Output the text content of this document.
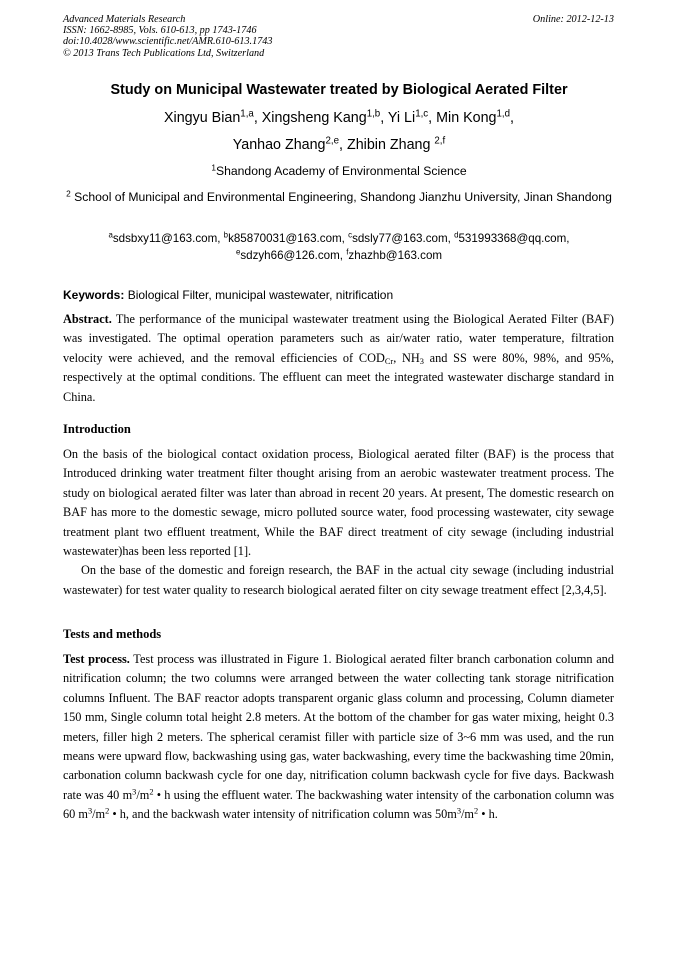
Advanced Materials Research
ISSN: 1662-8985, Vols. 610-613, pp 1743-1746
doi:10.4028/www.scientific.net/AMR.610-613.1743
© 2013 Trans Tech Publications Ltd, Switzerland
Online: 2012-12-13
Study on Municipal Wastewater treated by Biological Aerated Filter
Xingyu Bian$^{1,a}$, Xingsheng Kang$^{1,b}$, Yi Li$^{1,c}$, Min Kong$^{1,d}$,
Yanhao Zhang$^{2,e}$, Zhibin Zhang $^{2,f}$
$^1$Shandong Academy of Environmental Science
$^2$ School of Municipal and Environmental Engineering, Shandong Jianzhu University, Jinan Shandong
$^a$sdsbxy11@163.com, $^b$k85870031@163.com, $^c$sdsly77@163.com, $^d$531993368@qq.com,
$^e$sdzyh66@126.com, $^f$zhazhb@163.com
Keywords: Biological Filter, municipal wastewater, nitrification

Abstract. The performance of the municipal wastewater treatment using the Biological Aerated Filter (BAF) was investigated. The optimal operation parameters such as air/water ratio, water temperature, filtration velocity were achieved, and the removal efficiencies of $COD_{Cr}$, $NH_3$ and SS were 80%, 98%, and 95%, respectively at the optimal conditions. The effluent can meet the integrated wastewater discharge standard in China.

Introduction

On the basis of the biological contact oxidation process, Biological aerated filter (BAF) is the process that Introduced drinking water treatment filter thought arising from an aerobic wastewater treatment process. The study on biological aerated filter was later than abroad in recent 20 years. At present, The domestic research on BAF has more to the domestic sewage, micro polluted source water, food processing wastewater, city sewage treatment plant two effluent treatment, While the BAF direct treatment of city sewage (including industrial wastewater)has been less reported [1].

On the base of the domestic and foreign research, the BAF in the actual city sewage (including industrial wastewater) for test water quality to research biological aerated filter on city sewage treatment effect [2,3,4,5].

Tests and methods

Test process. Test process was illustrated in Figure 1. Biological aerated filter branch carbonation column and nitrification column; the two columns were arranged between the water collecting tank storage nitrification columns Influent. The BAF reactor adopts transparent organic glass column and processing, Column diameter 150 mm, Single column total height 2.8 meters. At the bottom of the chamber for gas water mixing, height 0.3 meters, filler high 2 meters. The spherical ceramist filler with particle size of 3~6 mm was used, and the run means were upward flow, backwashing using gas, water backwashing, every time the backwashing time 20min, carbonation column backwash cycle for one day, nitrification column backwash cycle for five days. Backwash rate was 40 $m^3/m^2$ • h using the effluent water. The backwashing water intensity of the carbonation column was 60 $m^3/m^2$ • h, and the backwash water intensity of nitrification column was $50m^3/m^2$ • h.
